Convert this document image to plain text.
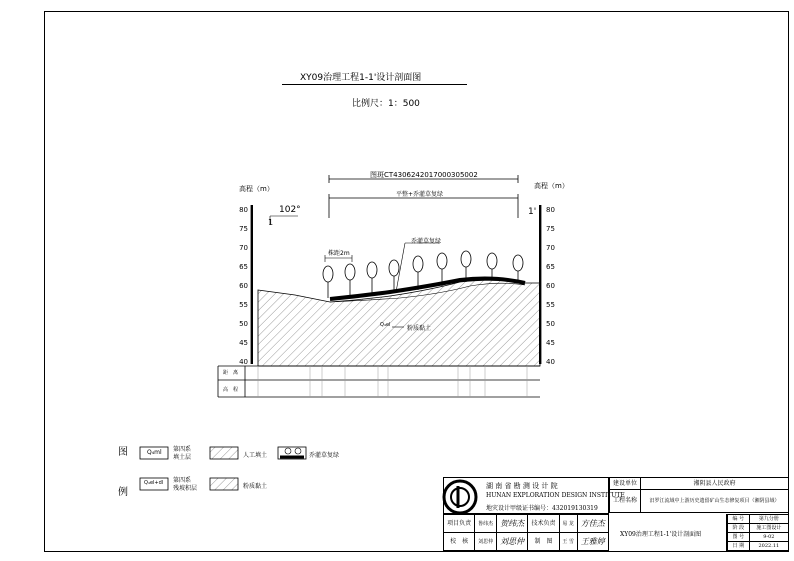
XY09治理工程1-1'设计剖面图
比例尺：1：500
高程（m）	高程（m）
80
75
70
65
60
55
50
45
40
80
75
70
65
60
55
50
45
40
图斑CT43062420170003050​02
平整+乔灌草复绿
102°
1
1'
株距2m
乔灌草复绿
Q₄el	粉质黏土
距　离
高　程
图
例
Q₄ml 第四系
填土层	人工填土	乔灌草复绿
Q₄el+dl 第四系
残坡积层	粉质黏土	湖 南 省 勘 测 设 计 院
HUNAN EXPLORATION DESIGN INSTITUTE
地灾设计甲级证书编号：432019130319
建设单位	湘阴县人民政府
工程名称	汨罗江流域中上游历史遗留矿山生态修复项目（湘阴县域）
项目负责	鲁纬杰	贺纬杰	技术负责	易 龙	方佳杰
校　核	刘思仲	刘思仲	制　图	王 雪	王雅婷
XY09治理工程1-1'设计剖面图
编 号	第九分册
阶 段	施工图设计
图 号	9-02
日 期	2022.11
